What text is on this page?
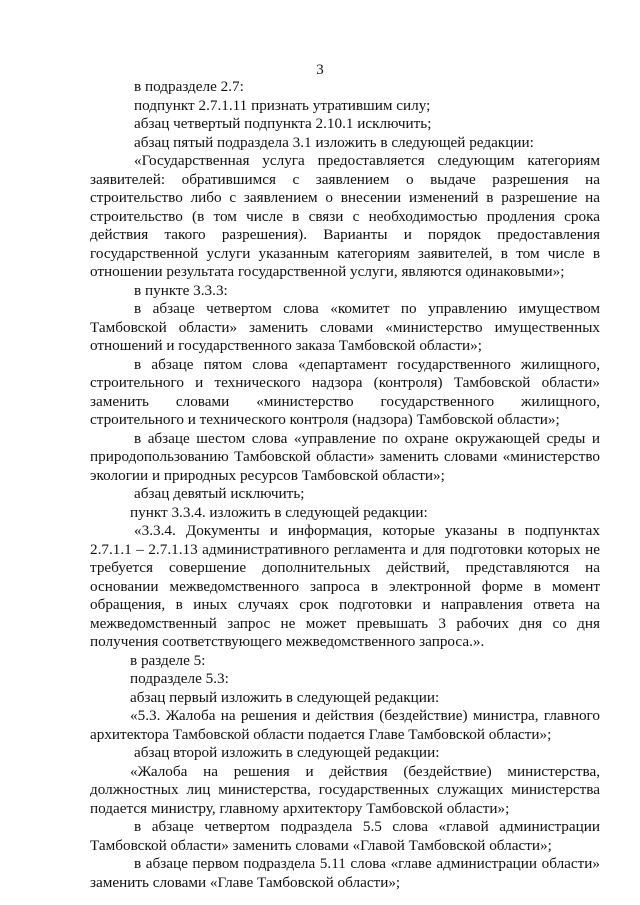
3

в подразделе 2.7:

подпункт 2.7.1.11 признать утратившим силу;

абзац четвертый подпункта 2.10.1 исключить;

абзац пятый подраздела 3.1 изложить в следующей редакции:

«Государственная услуга предоставляется следующим категориям заявителей: обратившимся с заявлением о выдаче разрешения на строительство либо с заявлением о внесении изменений в разрешение на строительство (в том числе в связи с необходимостью продления срока действия такого разрешения). Варианты и порядок предоставления государственной услуги указанным категориям заявителей, в том числе в отношении результата государственной услуги, являются одинаковыми»;

в пункте 3.3.3:

в абзаце четвертом слова «комитет по управлению имуществом Тамбовской области» заменить словами «министерство имущественных отношений и государственного заказа Тамбовской области»;

в абзаце пятом слова «департамент государственного жилищного, строительного и технического надзора (контроля) Тамбовской области» заменить словами «министерство государственного жилищного, строительного и технического контроля (надзора) Тамбовской области»;

в абзаце шестом слова «управление по охране окружающей среды и природопользованию Тамбовской области» заменить словами «министерство экологии и природных ресурсов Тамбовской области»;

абзац девятый исключить;

пункт 3.3.4. изложить в следующей редакции:

«3.3.4. Документы и информация, которые указаны в подпунктах 2.7.1.1 – 2.7.1.13 административного регламента и для подготовки которых не требуется совершение дополнительных действий, представляются на основании межведомственного запроса в электронной форме в момент обращения, в иных случаях срок подготовки и направления ответа на межведомственный запрос не может превышать 3 рабочих дня со дня получения соответствующего межведомственного запроса.».

в разделе 5:

подразделе 5.3:

абзац первый изложить в следующей редакции:

«5.3. Жалоба на решения и действия (бездействие) министра, главного архитектора Тамбовской области подается Главе Тамбовской области»;

абзац второй изложить в следующей редакции:

«Жалоба на решения и действия (бездействие) министерства, должностных лиц министерства, государственных служащих министерства подается министру, главному архитектору Тамбовской области»;

в абзаце четвертом подраздела 5.5 слова «главой администрации Тамбовской области» заменить словами «Главой Тамбовской области»;

в абзаце первом подраздела 5.11 слова «главе администрации области» заменить словами «Главе Тамбовской области»;
